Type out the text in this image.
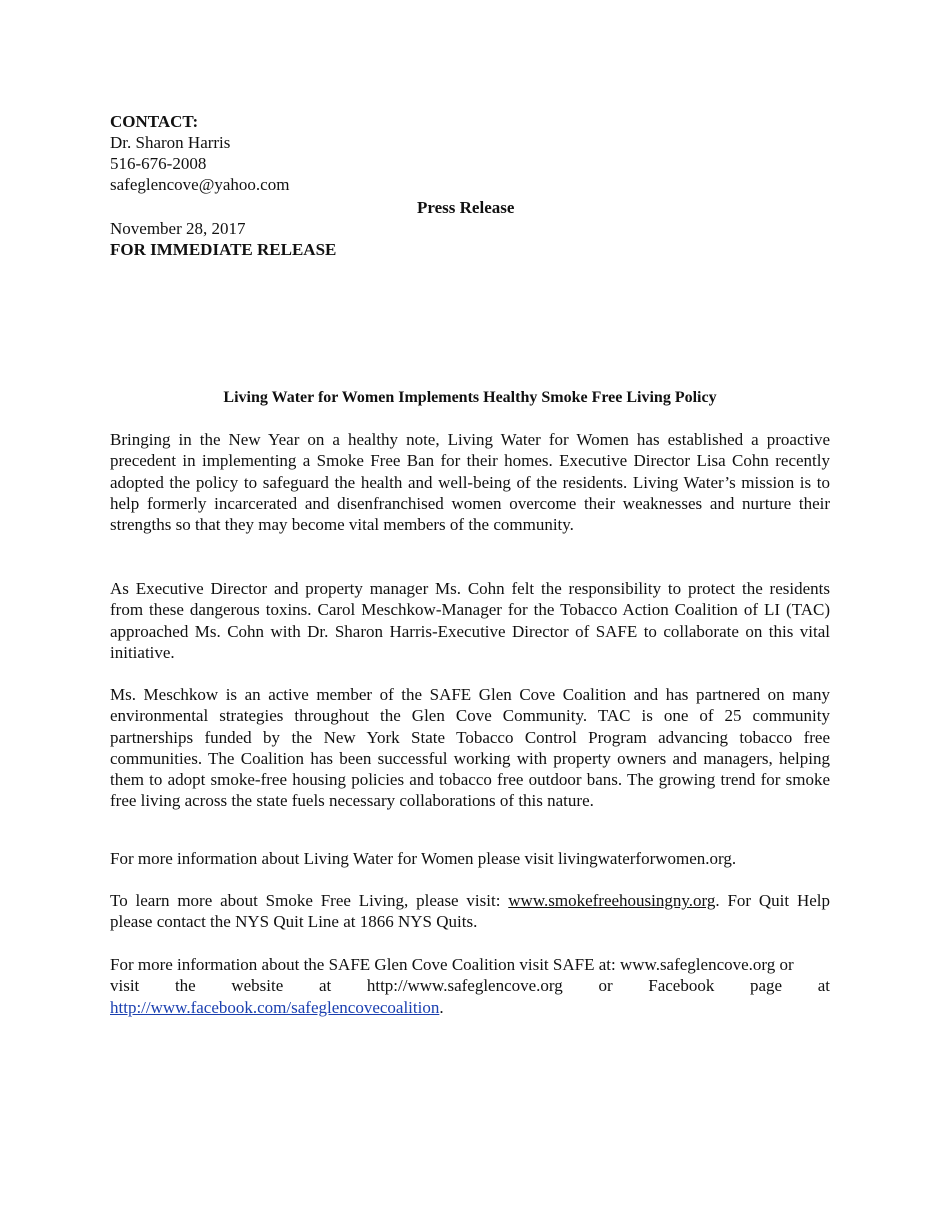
CONTACT:
Dr. Sharon Harris
516-676-2008
safeglencove@yahoo.com
Press Release
November 28, 2017
FOR IMMEDIATE RELEASE
Living Water for Women Implements Healthy Smoke Free Living Policy
Bringing in the New Year on a healthy note, Living Water for Women has established a proactive precedent in implementing a Smoke Free Ban for their homes. Executive Director Lisa Cohn recently adopted the policy to safeguard the health and well-being of the residents. Living Water’s mission is to help formerly incarcerated and disenfranchised women overcome their weaknesses and nurture their strengths so that they may become vital members of the community.
As Executive Director and property manager Ms. Cohn felt the responsibility to protect the residents from these dangerous toxins. Carol Meschkow-Manager for the Tobacco Action Coalition of LI (TAC) approached Ms. Cohn with Dr. Sharon Harris-Executive Director of SAFE to collaborate on this vital initiative.
Ms. Meschkow is an active member of the SAFE Glen Cove Coalition and has partnered on many environmental strategies throughout the Glen Cove Community. TAC is one of 25 community partnerships funded by the New York State Tobacco Control Program advancing tobacco free communities. The Coalition has been successful working with property owners and managers, helping them to adopt smoke-free housing policies and tobacco free outdoor bans. The growing trend for smoke free living across the state fuels necessary collaborations of this nature.
For more information about Living Water for Women please visit livingwaterforwomen.org.
To learn more about Smoke Free Living, please visit: www.smokefreehousingny.org. For Quit Help please contact the NYS Quit Line at 1866 NYS Quits.
For more information about the SAFE Glen Cove Coalition visit SAFE at: www.safeglencove.org or
visit the website at http://www.safeglencove.org or Facebook page at
http://www.facebook.com/safeglencovecoalition.
